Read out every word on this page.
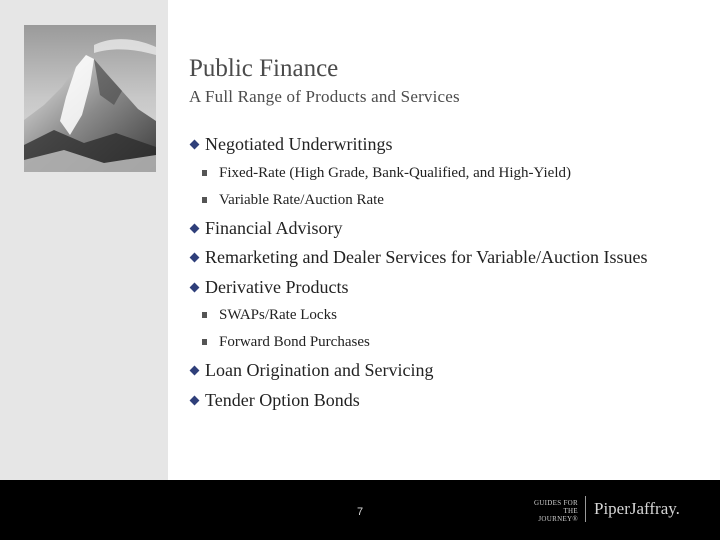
Public Finance
A Full Range of Products and Services
Negotiated Underwritings
Fixed-Rate (High Grade, Bank-Qualified, and High-Yield)
Variable Rate/Auction Rate
Financial Advisory
Remarketing and Dealer Services for Variable/Auction Issues
Derivative Products
SWAPs/Rate Locks
Forward Bond Purchases
Loan Origination and Servicing
Tender Option Bonds
7
GUIDES FOR
THE JOURNEY®
PiperJaffray.
